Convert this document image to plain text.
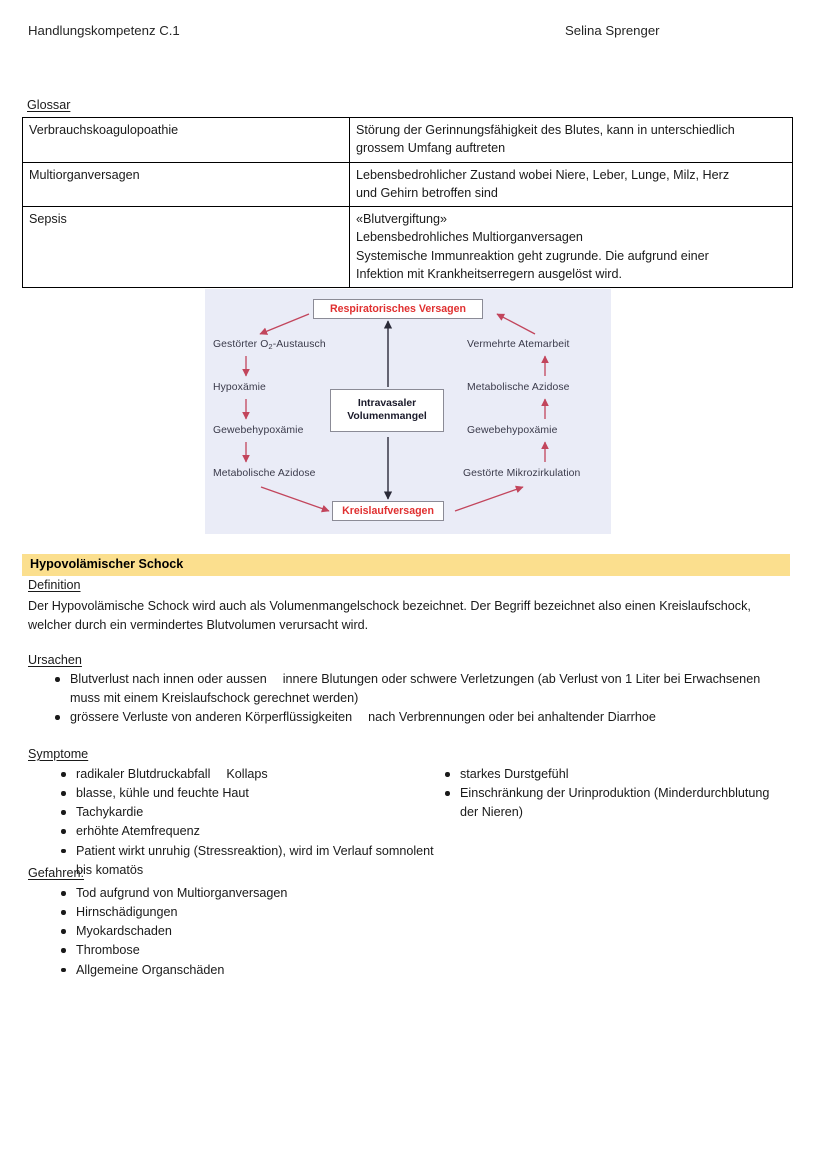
Handlungskompetenz C.1	Selina Sprenger
Glossar
Verbrauchskoagulopoathie	Störung der Gerinnungsfähigkeit des Blutes, kann in unterschiedlich
grossem Umfang auftreten

Multiorganversagen	Lebensbedrohlicher Zustand wobei Niere, Leber, Lunge, Milz, Herz
und Gehirn betroffen sind

Sepsis	«Blutvergiftung»
Lebensbedrohliches Multiorganversagen
Systemische Immunreaktion geht zugrunde. Die aufgrund einer
Infektion mit Krankheitserregern ausgelöst wird.
Respiratorisches Versagen
Intravasaler
Volumenmangel
Kreislaufversagen
Gestörter $O_2$-Austausch
Hypoxämie
Gewebehypoxämie
Metabolische Azidose
Vermehrte Atemarbeit
Metabolische Azidose
Gewebehypoxämie
Gestörte Mikrozirkulation
Hypovolämischer Schock
Definition
Der Hypovolämische Schock wird auch als Volumenmangelschock bezeichnet. Der Begriff bezeichnet also einen Kreislaufschock, welcher durch ein vermindertes Blutvolumen verursacht wird.
Ursachen
Blutverlust nach innen oder aussen innere Blutungen oder schwere Verletzungen (ab Verlust von 1 Liter bei Erwachsenen muss mit einem Kreislaufschock gerechnet werden)
grössere Verluste von anderen Körperflüssigkeiten nach Verbrennungen oder bei anhaltender Diarrhoe
Symptome
radikaler Blutdruckabfall Kollaps
blasse, kühle und feuchte Haut
Tachykardie
erhöhte Atemfrequenz
Patient wirkt unruhig (Stressreaktion), wird im Verlauf somnolent bis komatös
starkes Durstgefühl
Einschränkung der Urinproduktion (Minderdurchblutung der Nieren)
Gefahren:
Tod aufgrund von Multiorganversagen
Hirnschädigungen
Myokardschaden
Thrombose
Allgemeine Organschäden
